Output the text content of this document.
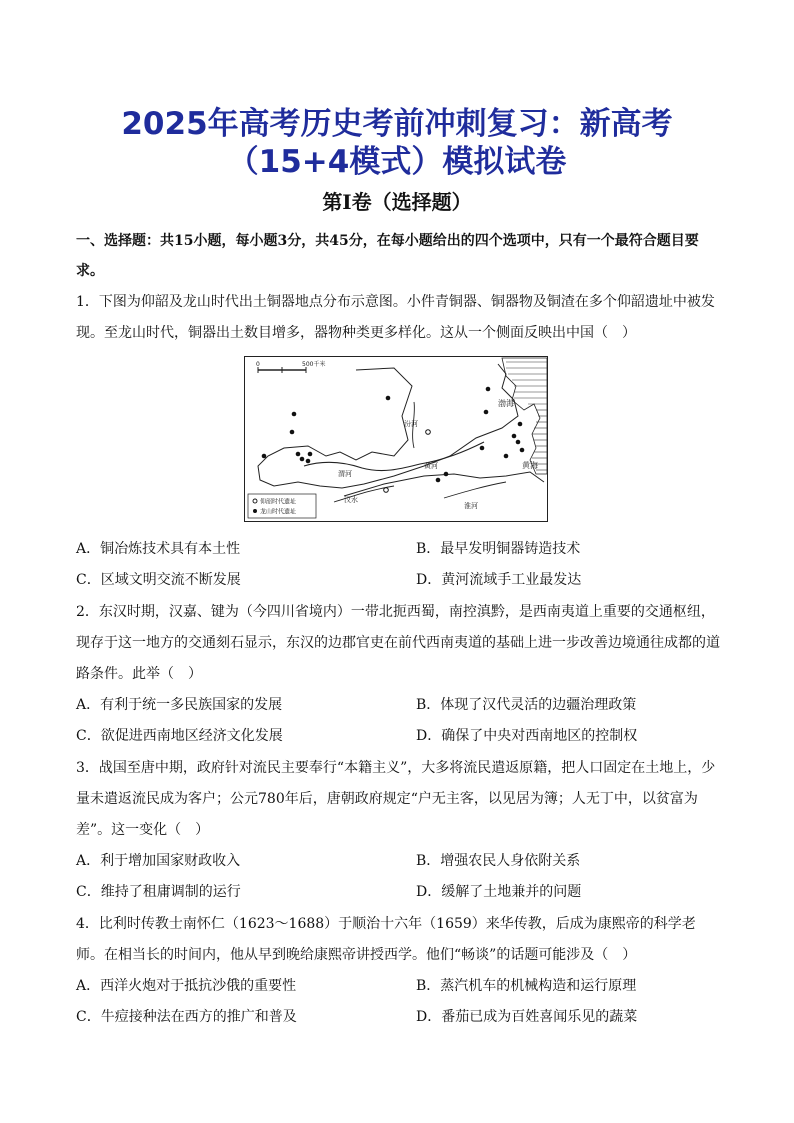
2025年高考历史考前冲刺复习：新高考
（15+4模式）模拟试卷
第Ⅰ卷（选择题）
一、选择题：共15小题，每小题3分，共45分，在每小题给出的四个选项中，只有一个最符合题目要求。
1．下图为仰韶及龙山时代出土铜器地点分布示意图。小件青铜器、铜器物及铜渣在多个仰韶遗址中被发现。至龙山时代，铜器出土数目增多，器物种类更多样化。这从一个侧面反映出中国（　）
0	500千米
渤海
黄海
汾河
渭河
黄河
汉水
淮河
仰韶时代遗址
龙山时代遗址
A．铜冶炼技术具有本土性	B．最早发明铜器铸造技术
C．区域文明交流不断发展	D．黄河流域手工业最发达
2．东汉时期，汉嘉、键为（今四川省境内）一带北扼西蜀，南控滇黔，是西南夷道上重要的交通枢纽，现存于这一地方的交通刻石显示，东汉的边郡官吏在前代西南夷道的基础上进一步改善边境通往成都的道路条件。此举（　）
A．有利于统一多民族国家的发展	B．体现了汉代灵活的边疆治理政策
C．欲促进西南地区经济文化发展	D．确保了中央对西南地区的控制权
3．战国至唐中期，政府针对流民主要奉行“本籍主义”，大多将流民遣返原籍，把人口固定在土地上，少量未遣返流民成为客户；公元780年后，唐朝政府规定“户无主客，以见居为簿；人无丁中，以贫富为差”。这一变化（　）
A．利于增加国家财政收入	B．增强农民人身依附关系
C．维持了租庸调制的运行	D．缓解了土地兼并的问题
4．比利时传教士南怀仁（1623～1688）于顺治十六年（1659）来华传教，后成为康熙帝的科学老师。在相当长的时间内，他从早到晚给康熙帝讲授西学。他们“畅谈”的话题可能涉及（　）
A．西洋火炮对于抵抗沙俄的重要性	B．蒸汽机车的机械构造和运行原理
C．牛痘接种法在西方的推广和普及	D．番茄已成为百姓喜闻乐见的蔬菜
